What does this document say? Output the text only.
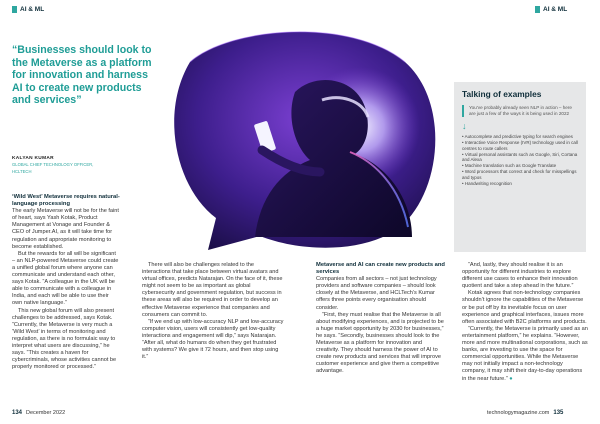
AI & ML	AI & ML
“Businesses should look to the Metaverse as a platform for innovation and harness AI to create new products and services”
KALYAN KUMAR
GLOBAL CHIEF TECHNOLOGY OFFICER,
HCLTECH
‘Wild West’ Metaverse requires natural-language processing

The early Metaverse will not be for the faint of heart, says Yash Kotak, Product Management at Vonage and Founder & CEO of Jumper.AI, as it will take time for regulation and appropriate monitoring to become established.

But the rewards for all will be significant – an NLP-powered Metaverse could create a unified global forum where anyone can communicate and understand each other, says Kotak. “A colleague in the UK will be able to communicate with a colleague in India, and each will be able to use their own native language.”

This new global forum will also present challenges to be addressed, says Kotak. “Currently, the Metaverse is very much a ‘Wild West’ in terms of monitoring and regulation, as there is no formulaic way to interpret what users are discussing,” he says. “This creates a haven for cybercriminals, whose activities cannot be properly monitored or processed.”

There will also be challenges related to the interactions that take place between virtual avatars and virtual offices, predicts Natarajan. On the face of it, these might not seem to be as important as global cybersecurity and government regulation, but success in these areas will also be required in order to develop an effective Metaverse experience that companies and consumers can commit to.

“If we end up with low-accuracy NLP and low-accuracy computer vision, users will consistently get low-quality interactions and engagement will dip,” says Natarajan. “After all, what do humans do when they get frustrated with systems? We give it 72 hours, and then stop using it.”

Metaverse and AI can create new products and services

Companies from all sectors – not just technology providers and software companies – should look closely at the Metaverse, and HCLTech’s Kumar offers three points every organisation should consider.

“First, they must realise that the Metaverse is all about modifying experiences, and is projected to be a huge market opportunity by 2030 for businesses,” he says. “Secondly, businesses should look to the Metaverse as a platform for innovation and creativity. They should harness the power of AI to create new products and services that will improve customer experience and give them a competitive advantage.

“And, lastly, they should realise it is an opportunity for different industries to explore different use cases to enhance their innovation quotient and take a step ahead in the future.”

Kotak agrees that non-technology companies shouldn’t ignore the capabilities of the Metaverse or be put off by its inevitable focus on user experience and graphical interfaces, issues more often associated with B2C platforms and products.

“Currently, the Metaverse is primarily used as an entertainment platform,” he explains. “However, more and more multinational corporations, such as banks, are investing to use the space for commercial opportunities. While the Metaverse may not initially impact a non-technology company, it may shift their day-to-day operations in the near future.” ●

Talking of examples

You’ve probably already seen NLP in action – here are just a few of the ways it is being used in 2022

↓
• Autocomplete and predictive typing for search engines
• Interactive Voice Response (IVR) technology used in call centres to route callers
• Virtual personal assistants such as Google, Siri, Cortana and Alexa
• Machine translation such as Google Translate
• Word processors that correct and check for misspellings and typos
• Handwriting recognition
134 December 2022	technologymagazine.com 135
